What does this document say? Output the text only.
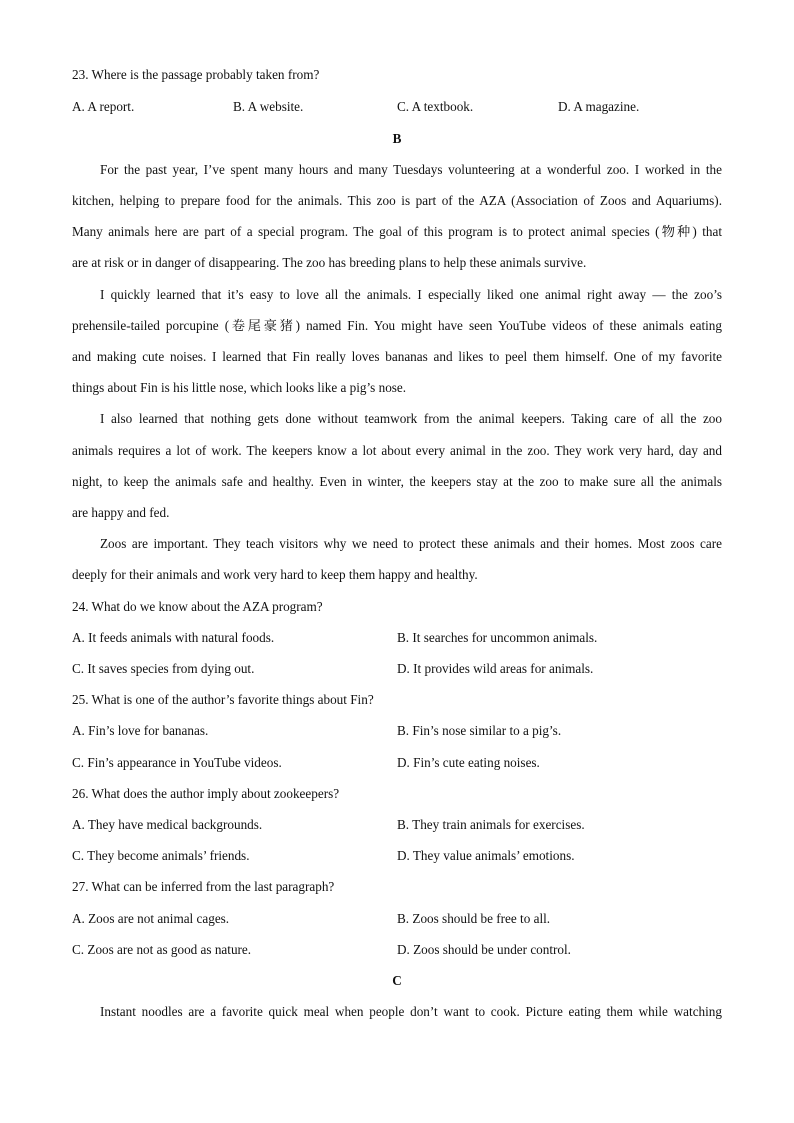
23. Where is the passage probably taken from?
A. A report.	B. A website.	C. A textbook.	D. A magazine.
B
For the past year, I’ve spent many hours and many Tuesdays volunteering at a wonderful zoo. I worked in the
kitchen, helping to prepare food for the animals. This zoo is part of the AZA (Association of Zoos and Aquariums).
Many animals here are part of a special program. The goal of this program is to protect animal species (物种) that
are at risk or in danger of disappearing. The zoo has breeding plans to help these animals survive.
I quickly learned that it’s easy to love all the animals. I especially liked one animal right away — the zoo’s
prehensile-tailed porcupine (卷尾豪猪) named Fin. You might have seen YouTube videos of these animals eating
and making cute noises. I learned that Fin really loves bananas and likes to peel them himself. One of my favorite
things about Fin is his little nose, which looks like a pig’s nose.
I also learned that nothing gets done without teamwork from the animal keepers. Taking care of all the zoo
animals requires a lot of work. The keepers know a lot about every animal in the zoo. They work very hard, day and
night, to keep the animals safe and healthy. Even in winter, the keepers stay at the zoo to make sure all the animals
are happy and fed.
Zoos are important. They teach visitors why we need to protect these animals and their homes. Most zoos care
deeply for their animals and work very hard to keep them happy and healthy.
24. What do we know about the AZA program?
A. It feeds animals with natural foods.	B. It searches for uncommon animals.
C. It saves species from dying out.	D. It provides wild areas for animals.
25. What is one of the author’s favorite things about Fin?
A. Fin’s love for bananas.	B. Fin’s nose similar to a pig’s.
C. Fin’s appearance in YouTube videos.	D. Fin’s cute eating noises.
26. What does the author imply about zookeepers?
A. They have medical backgrounds.	B. They train animals for exercises.
C. They become animals’ friends.	D. They value animals’ emotions.
27. What can be inferred from the last paragraph?
A. Zoos are not animal cages.	B. Zoos should be free to all.
C. Zoos are not as good as nature.	D. Zoos should be under control.
C
Instant noodles are a favorite quick meal when people don’t want to cook. Picture eating them while watching
